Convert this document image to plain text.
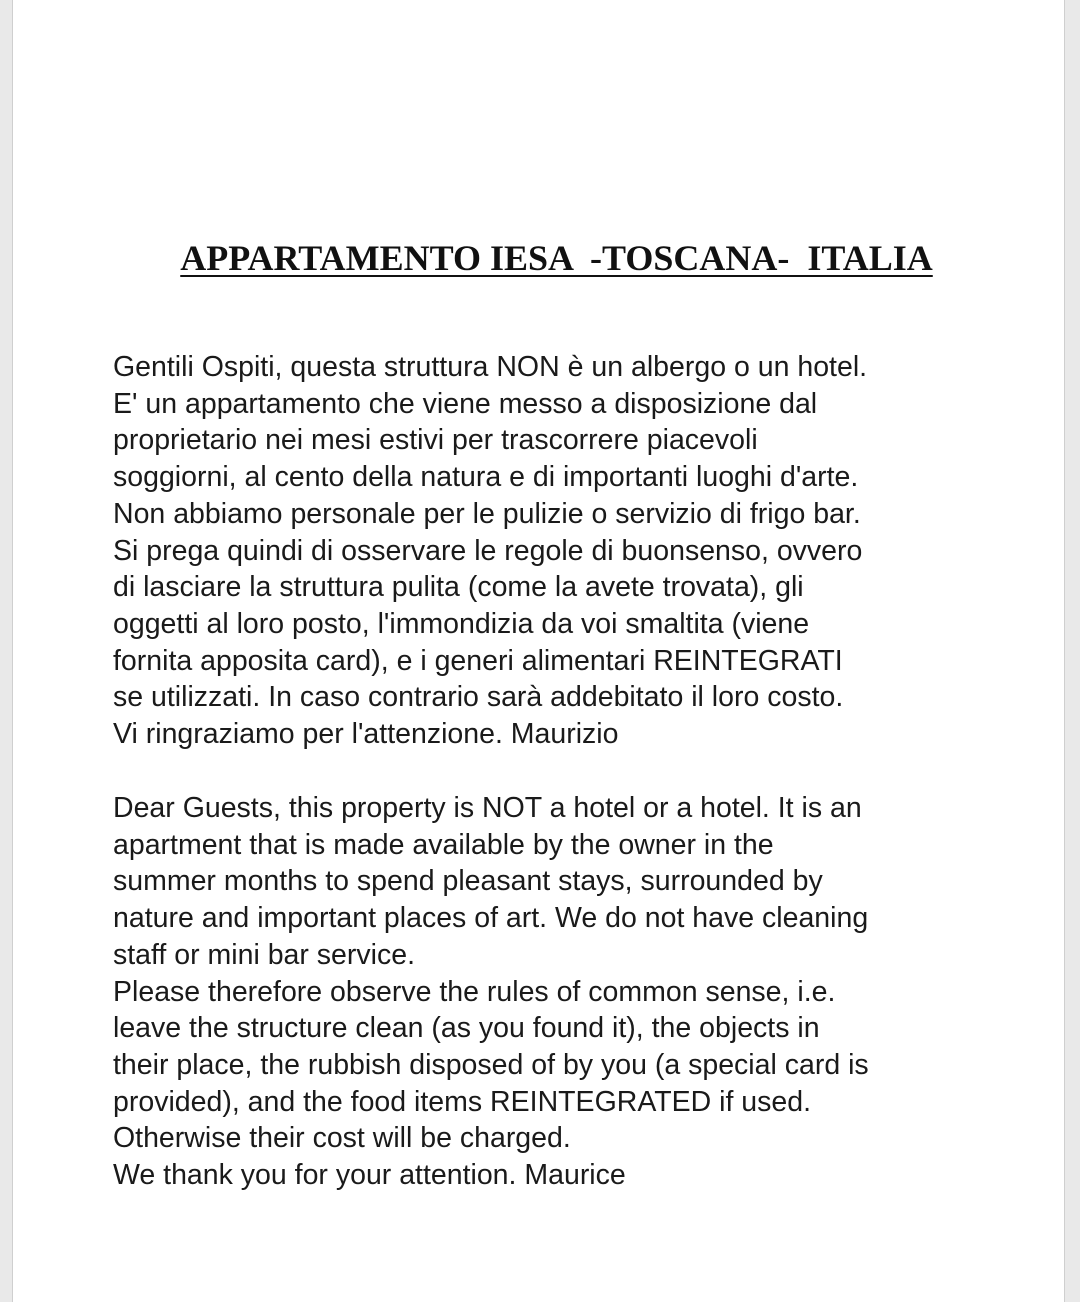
APPARTAMENTO IESA  -TOSCANA-  ITALIA

Gentili Ospiti, questa struttura NON è un albergo o un hotel.
E' un appartamento che viene messo a disposizione dal
proprietario nei mesi estivi per trascorrere piacevoli
soggiorni, al cento della natura e di importanti luoghi d'arte.
Non abbiamo personale per le pulizie o servizio di frigo bar.
Si prega quindi di osservare le regole di buonsenso, ovvero
di lasciare la struttura pulita (come la avete trovata), gli
oggetti al loro posto, l'immondizia da voi smaltita (viene
fornita apposita card), e i generi alimentari REINTEGRATI
se utilizzati. In caso contrario sarà addebitato il loro costo.
Vi ringraziamo per l'attenzione. Maurizio
Dear Guests, this property is NOT a hotel or a hotel. It is an
apartment that is made available by the owner in the
summer months to spend pleasant stays, surrounded by
nature and important places of art. We do not have cleaning
staff or mini bar service.
Please therefore observe the rules of common sense, i.e.
leave the structure clean (as you found it), the objects in
their place, the rubbish disposed of by you (a special card is
provided), and the food items REINTEGRATED if used.
Otherwise their cost will be charged.
We thank you for your attention. Maurice
